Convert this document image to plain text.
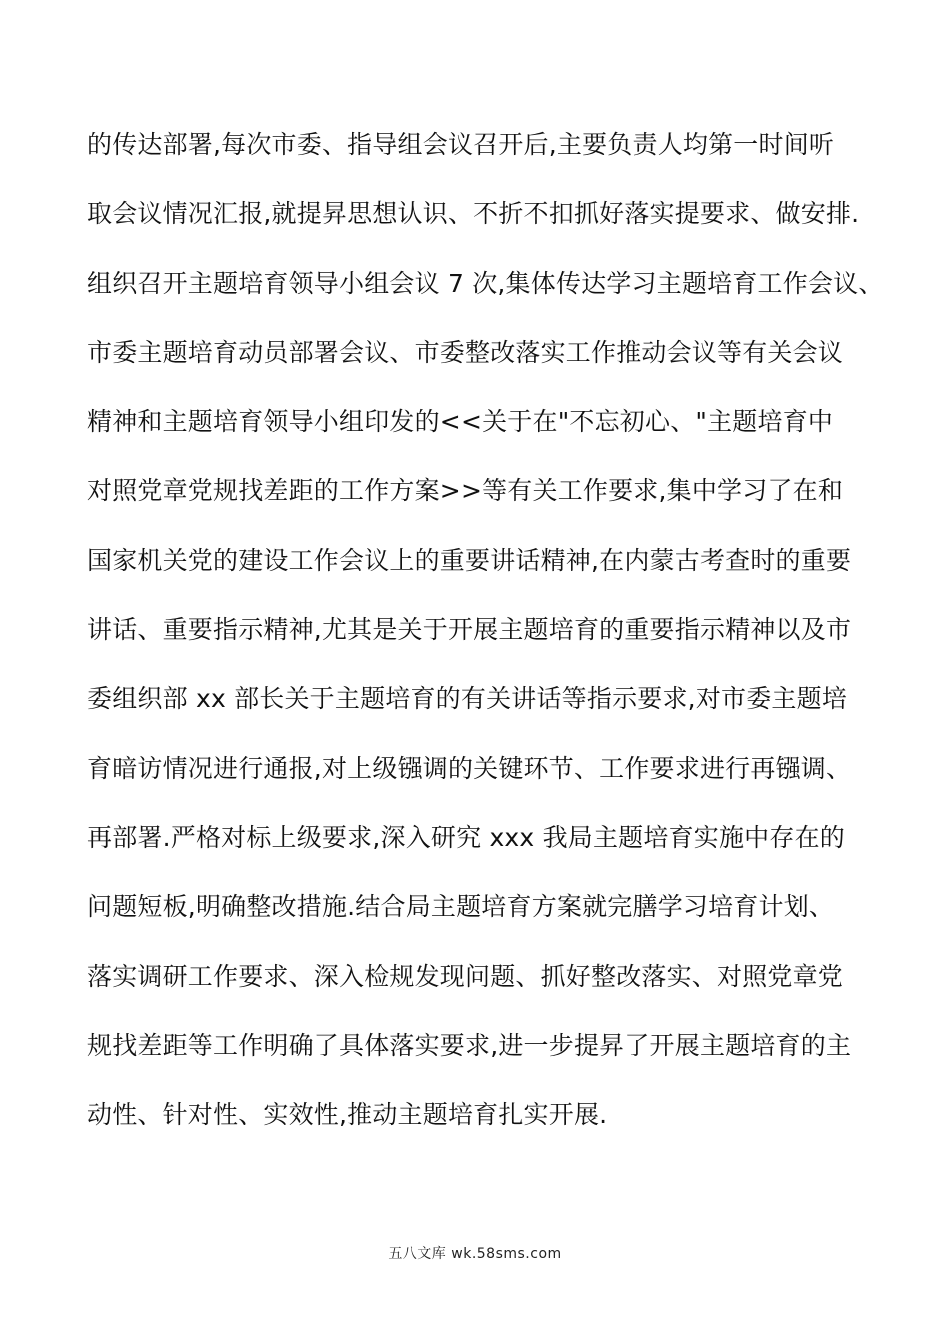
的传达部署,每次市委、指导组会议召开后,主要负责人均第一时间听
取会议情况汇报,就提昇思想认识、不折不扣抓好落实提要求、做安排.
组织召开主题培育领导小组会议 7 次,集体传达学习主题培育工作会议、
市委主题培育动员部署会议、市委整改落实工作推动会议等有关会议
精神和主题培育领导小组印发的<<关于在"不忘初心、"主题培育中
对照党章党规找差距的工作方案>>等有关工作要求,集中学习了在和
国家机关党的建设工作会议上的重要讲话精神,在内蒙古考查时的重要
讲话、重要指示精神,尤其是关于开展主题培育的重要指示精神以及市
委组织部 xx 部长关于主题培育的有关讲话等指示要求,对市委主题培
育暗访情况进行通报,对上级镪调的关键环节、工作要求进行再镪调、
再部署.严格对标上级要求,深入研究 xxx 我局主题培育实施中存在的
问题短板,明确整改措施.结合局主题培育方案就完膳学习培育计划、
落实调研工作要求、深入检规发现问题、抓好整改落实、对照党章党
规找差距等工作明确了具体落实要求,进一步提昇了开展主题培育的主
动性、针对性、实效性,推动主题培育扎实开展.
五八文库 wk.58sms.com
